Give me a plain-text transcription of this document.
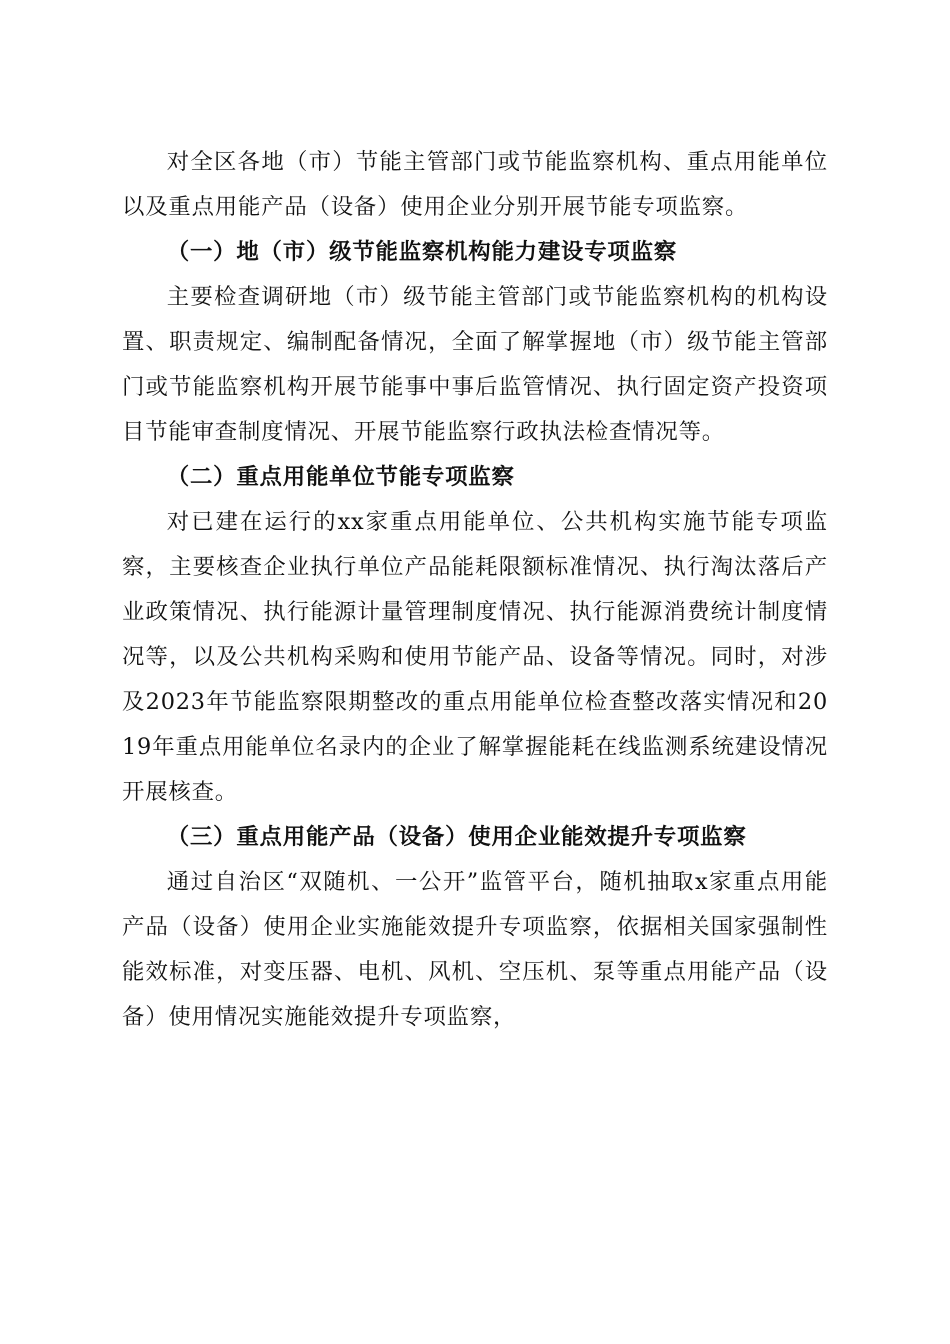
对全区各地（市）节能主管部门或节能监察机构、重点用能单位以及重点用能产品（设备）使用企业分别开展节能专项监察。

（一）地（市）级节能监察机构能力建设专项监察

主要检查调研地（市）级节能主管部门或节能监察机构的机构设置、职责规定、编制配备情况，全面了解掌握地（市）级节能主管部门或节能监察机构开展节能事中事后监管情况、执行固定资产投资项目节能审查制度情况、开展节能监察行政执法检查情况等。

（二）重点用能单位节能专项监察

对已建在运行的xx家重点用能单位、公共机构实施节能专项监察，主要核查企业执行单位产品能耗限额标准情况、执行淘汰落后产业政策情况、执行能源计量管理制度情况、执行能源消费统计制度情况等，以及公共机构采购和使用节能产品、设备等情况。同时，对涉及2023年节能监察限期整改的重点用能单位检查整改落实情况和2019年重点用能单位名录内的企业了解掌握能耗在线监测系统建设情况开展核查。

（三）重点用能产品（设备）使用企业能效提升专项监察

通过自治区“双随机、一公开”监管平台，随机抽取x家重点用能产品（设备）使用企业实施能效提升专项监察，依据相关国家强制性能效标准，对变压器、电机、风机、空压机、泵等重点用能产品（设备）使用情况实施能效提升专项监察，
